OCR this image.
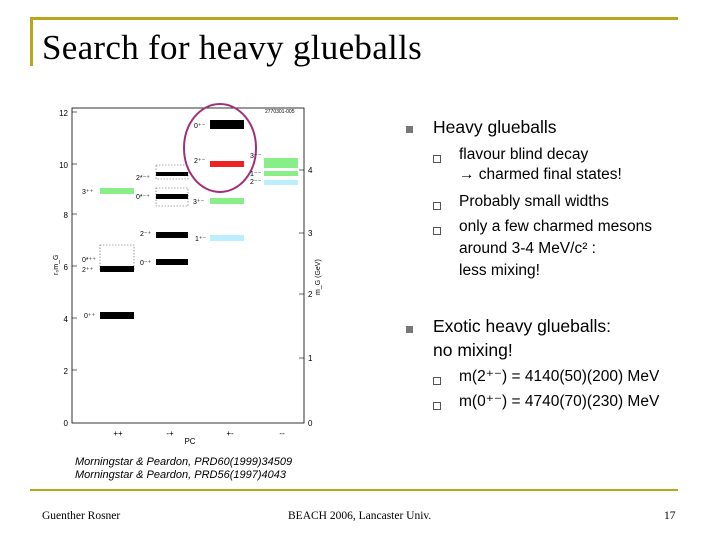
Search for heavy glueballs
2770301-005
0
2
4
6
8
10
12
0
1
2
3
4
r₀m_G	m_G (GeV)
++	-+	+-	--
PC
0⁺⁺
2⁺⁺
0*⁺⁺
3⁺⁺
0⁻⁺
2⁻⁺
0*⁻⁺
2*⁻⁺
1⁺⁻
3⁺⁻
2⁺⁻
0⁺⁻
1⁻⁻
2⁻⁻
3⁻⁻
Heavy glueballs
flavour blind decay
→ charmed final states!
Probably small widths
only a few charmed mesons
around 3-4 MeV/c² :
less mixing!
Exotic heavy glueballs:
no mixing!
m(2⁺⁻) = 4140(50)(200) MeV
m(0⁺⁻) = 4740(70)(230) MeV
Morningstar & Peardon, PRD60(1999)34509
Morningstar & Peardon, PRD56(1997)4043
Guenther Rosner	BEACH 2006, Lancaster Univ.	17
